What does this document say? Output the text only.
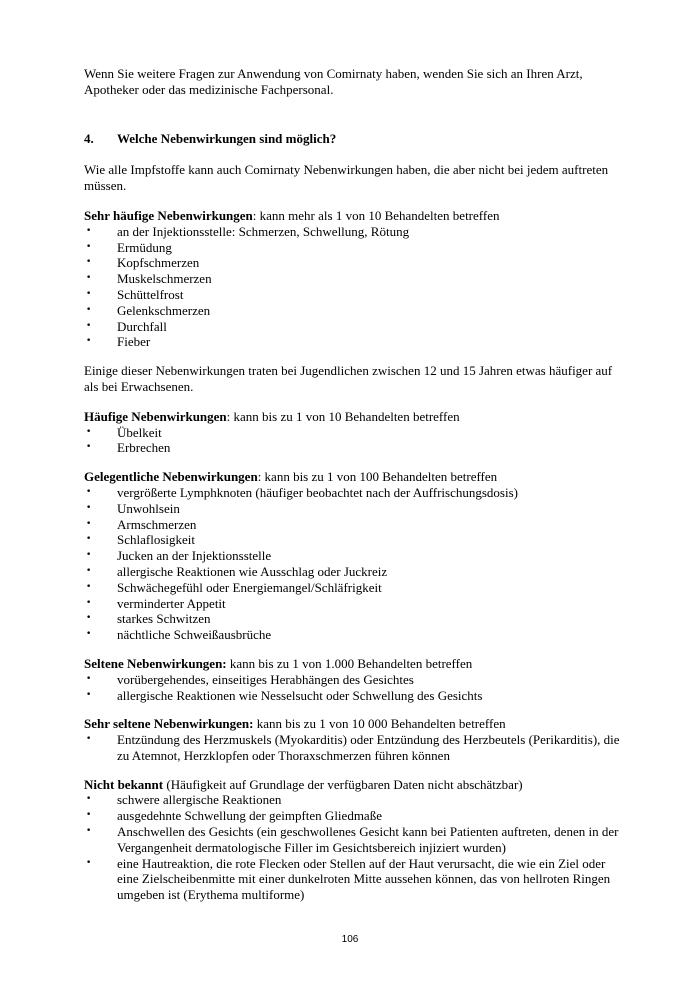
Wenn Sie weitere Fragen zur Anwendung von Comirnaty haben, wenden Sie sich an Ihren Arzt, Apotheker oder das medizinische Fachpersonal.

4.	Welche Nebenwirkungen sind möglich?

Wie alle Impfstoffe kann auch Comirnaty Nebenwirkungen haben, die aber nicht bei jedem auftreten müssen.

Sehr häufige Nebenwirkungen: kann mehr als 1 von 10 Behandelten betreffen

•	an der Injektionsstelle: Schmerzen, Schwellung, Rötung
•	Ermüdung
•	Kopfschmerzen
•	Muskelschmerzen
•	Schüttelfrost
•	Gelenkschmerzen
•	Durchfall
•	Fieber

Einige dieser Nebenwirkungen traten bei Jugendlichen zwischen 12 und 15 Jahren etwas häufiger auf als bei Erwachsenen.

Häufige Nebenwirkungen: kann bis zu 1 von 10 Behandelten betreffen

•	Übelkeit
•	Erbrechen

Gelegentliche Nebenwirkungen: kann bis zu 1 von 100 Behandelten betreffen

•	vergrößerte Lymphknoten (häufiger beobachtet nach der Auffrischungsdosis)
•	Unwohlsein
•	Armschmerzen
•	Schlaflosigkeit
•	Jucken an der Injektionsstelle
•	allergische Reaktionen wie Ausschlag oder Juckreiz
•	Schwächegefühl oder Energiemangel/Schläfrigkeit
•	verminderter Appetit
•	starkes Schwitzen
•	nächtliche Schweißausbrüche

Seltene Nebenwirkungen: kann bis zu 1 von 1.000 Behandelten betreffen

•	vorübergehendes, einseitiges Herabhängen des Gesichtes
•	allergische Reaktionen wie Nesselsucht oder Schwellung des Gesichts

Sehr seltene Nebenwirkungen: kann bis zu 1 von 10 000 Behandelten betreffen

•	Entzündung des Herzmuskels (Myokarditis) oder Entzündung des Herzbeutels (Perikarditis), die zu Atemnot, Herzklopfen oder Thoraxschmerzen führen können

Nicht bekannt (Häufigkeit auf Grundlage der verfügbaren Daten nicht abschätzbar)

•	schwere allergische Reaktionen
•	ausgedehnte Schwellung der geimpften Gliedmaße
•	Anschwellen des Gesichts (ein geschwollenes Gesicht kann bei Patienten auftreten, denen in der Vergangenheit dermatologische Filler im Gesichtsbereich injiziert wurden)
•	eine Hautreaktion, die rote Flecken oder Stellen auf der Haut verursacht, die wie ein Ziel oder eine Zielscheibenmitte mit einer dunkelroten Mitte aussehen können, das von hellroten Ringen umgeben ist (Erythema multiforme)
106
